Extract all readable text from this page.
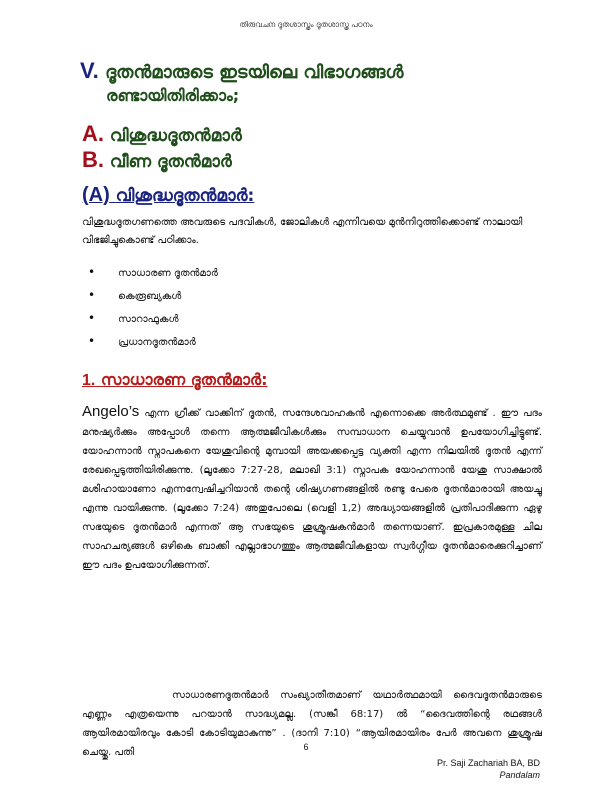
തിരുവചന ദൂതശാസ്ത്രം ദൂതശാസ്ത്ര പഠനം
V. ദൂതൻമാരുടെ ഇടയിലെ വിഭാഗങ്ങൾ
രണ്ടായിതിരിക്കാം;
A. വിശുദ്ധദൂതൻമാർ
B. വീണ ദൂതൻമാർ
(A) വിശുദ്ധദൂതൻമാർ:
വിശുദ്ധദൂതഗണത്തെ അവരുടെ പദവികൾ, ജോലികൾ എന്നിവയെ മുൻനിറുത്തിക്കൊണ്ട് നാലായി വിഭജിച്ചുകൊണ്ട് പഠിക്കാം.
• സാധാരണ ദൂതൻമാർ
• കെരൂബ്യകൾ
• സാറാഫുകൾ
• പ്രധാനദൂതൻമാർ
1. സാധാരണ ദൂതൻമാർ:
Angelo’s എന്ന ഗ്രീക്ക് വാക്കിന് ദൂതൻ, സന്ദേശവാഹകൻ എന്നൊക്കെ അർത്ഥമുണ്ട് . ഈ പദം മനുഷ്യർക്കും അപ്പോൾ തന്നെ ആത്മജീവികൾക്കും സമ്പാധാന ചെയ്യുവാൻ ഉപയോഗിച്ചിട്ടുണ്ട്. യോഹന്നാൻ സ്നാപകനെ യേശുവിന്റെ മുമ്പായി അയക്കപ്പെട്ട വ്യക്തി എന്ന നിലയിൽ ദൂതൻ എന്ന് രേഖപ്പെടുത്തിയിരിക്കുന്നു. (ലൂക്കോ 7:27-28, മലാഖി 3:1) സ്നാപക യോഹന്നാൻ യേശു സാക്ഷാൽ മശിഹായാണോ എന്നന്വേഷിച്ചറിയാൻ തന്റെ ശിഷ്യഗണങ്ങളിൽ രണ്ടു പേരെ ദൂതൻമാരായി അയച്ചു എന്നു വായിക്കുന്നു. (ലൂക്കോ 7:24) അതുപോലെ (വെളി 1,2) അദ്ധ്യായങ്ങളിൽ പ്രതിപാദിക്കുന്ന ഏഴു സഭയുടെ ദൂതൻമാർ എന്നത് ആ സഭയുടെ ശുശ്രൂഷകൻമാർ തന്നെയാണ്. ഇപ്രകാരമുള്ള ചില സാഹചര്യങ്ങൾ ഒഴികെ ബാക്കി എല്ലാഭാഗത്തും ആത്മജീവികളായ സ്വർഗ്ഗീയ ദൂതൻമാരെക്കുറിച്ചാണ് ഈ പദം ഉപയോഗിക്കുന്നത്.
സാധാരണദൂതൻമാർ സംഖ്യാതീതമാണ് യഥാർത്ഥമായി ദൈവദൂതൻമാരുടെ എണ്ണം എത്രയെന്നു പറയാൻ സാദ്ധ്യമല്ല. (സങ്കീ 68:17) ൽ “ദൈവത്തിന്റെ രഥങ്ങൾ ആയിരമായിരവും കോടി കോടിയുമാകുന്നു” . (ദാനി 7:10) “ആയിരമായിരം പേർ അവനെ ശുശ്രൂഷ ചെയ്തു. പതി	6
Pr. Saji Zachariah BA, BD
Pandalam
